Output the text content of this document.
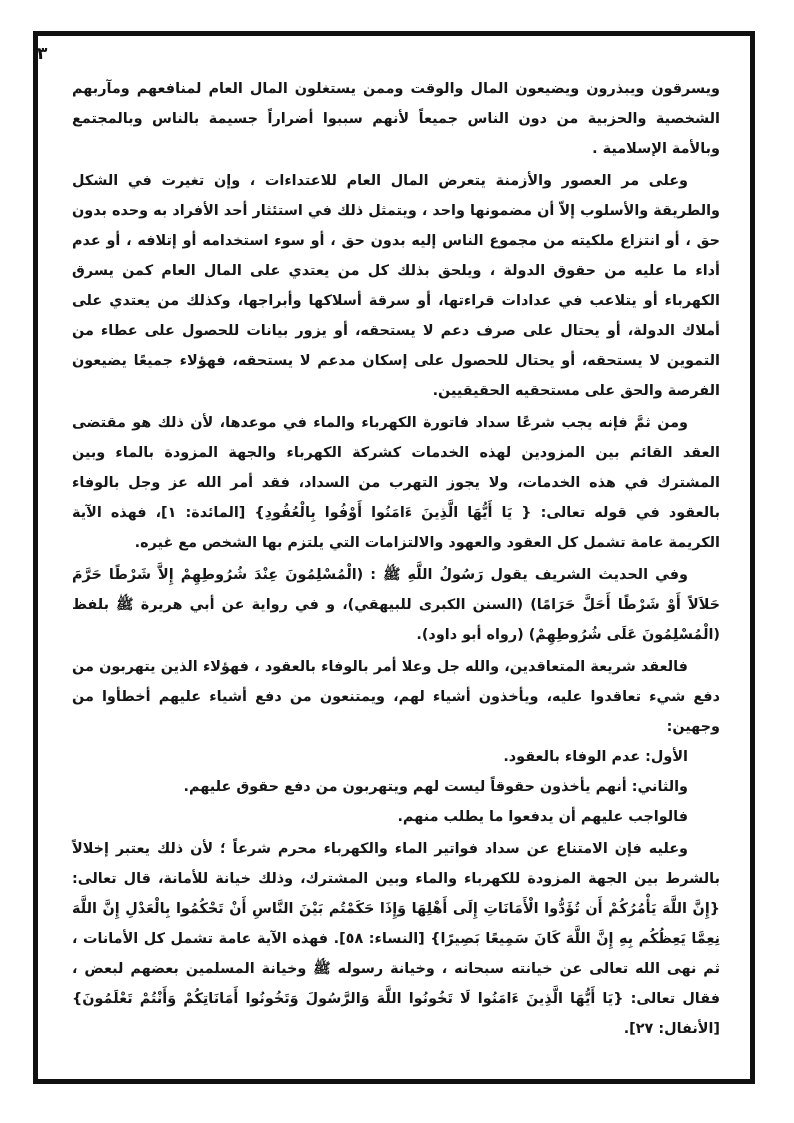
٣

ويسرقون ويبذرون ويضيعون المال والوقت وممن يستغلون المال العام لمنافعهم ومآربهم الشخصية والحزبية من دون الناس جميعاً لأنهم سببوا أضراراً جسيمة بالناس وبالمجتمع وبالأمة الإسلامية .

وعلى مر العصور والأزمنة يتعرض المال العام للاعتداءات ، وإن تغيرت في الشكل والطريقة والأسلوب إلاّ أن مضمونها واحد ، ويتمثل ذلك في استئثار أحد الأفراد به وحده بدون حق ، أو انتزاع ملكيته من مجموع الناس إليه بدون حق ، أو سوء استخدامه أو إتلافه ، أو عدم أداء ما عليه من حقوق الدولة ، ويلحق بذلك كل من يعتدي على المال العام كمن يسرق الكهرباء أو يتلاعب في عدادات قراءتها، أو سرقة أسلاكها وأبراجها، وكذلك من يعتدي على أملاك الدولة، أو يحتال على صرف دعم لا يستحقه، أو يزور بيانات للحصول على عطاء من التموين لا يستحقه، أو يحتال للحصول على إسكان مدعم لا يستحقه، فهؤلاء جميعًا يضيعون الفرصة والحق على مستحقيه الحقيقيين.

ومن ثمَّ فإنه يجب شرعًا سداد فاتورة الكهرباء والماء في موعدها، لأن ذلك هو مقتضى العقد القائم بين المزودين لهذه الخدمات كشركة الكهرباء والجهة المزودة بالماء وبين المشترك في هذه الخدمات، ولا يجوز التهرب من السداد، فقد أمر الله عز وجل بالوفاء بالعقود في قوله تعالى: { يَا أَيُّهَا الَّذِينَ ءَامَنُوا أَوْفُوا بِالْعُقُودِ} [المائدة: ١]، فهذه الآية الكريمة عامة تشمل كل العقود والعهود والالتزامات التي يلتزم بها الشخص مع غيره.

وفي الحديث الشريف يقول رَسُولُ اللَّهِ ﷺ : (الْمُسْلِمُونَ عِنْدَ شُرُوطِهِمْ إِلاَّ شَرْطًا حَرَّمَ حَلاَلاً أَوْ شَرْطًا أَحَلَّ حَرَامًا) (السنن الكبرى للبيهقي)، و في رواية عن أبي هريرة ﷺ بلفظ (الْمُسْلِمُونَ عَلَى شُرُوطِهِمْ) (رواه أبو داود).

فالعقد شريعة المتعاقدين، والله جل وعلا أمر بالوفاء بالعقود ، فهؤلاء الذين يتهربون من دفع شيء تعاقدوا عليه، ويأخذون أشياء لهم، ويمتنعون من دفع أشياء عليهم أخطأوا من وجهين:

الأول: عدم الوفاء بالعقود.

والثاني: أنهم يأخذون حقوقاً ليست لهم ويتهربون من دفع حقوق عليهم.

فالواجب عليهم أن يدفعوا ما يطلب منهم.

وعليه فإن الامتناع عن سداد فواتير الماء والكهرباء محرم شرعاً ؛ لأن ذلك يعتبر إخلالاً بالشرط بين الجهة المزودة للكهرباء والماء وبين المشترك، وذلك خيانة للأمانة، قال تعالى: {إِنَّ اللَّهَ يَأْمُرُكُمْ أَن تُؤَدُّوا الْأَمَانَاتِ إِلَى أَهْلِهَا وَإِذَا حَكَمْتُم بَيْنَ النَّاسِ أَنْ تَحْكُمُوا بِالْعَدْلِ إِنَّ اللَّهَ نِعِمَّا يَعِظُكُم بِهِ إِنَّ اللَّهَ كَانَ سَمِيعًا بَصِيرًا} [النساء: ٥٨]. فهذه الآية عامة تشمل كل الأمانات ، ثم نهى الله تعالى عن خيانته سبحانه ، وخيانة رسوله ﷺ وخيانة المسلمين بعضهم لبعض ، فقال تعالى: {يَا أَيُّهَا الَّذِينَ ءَامَنُوا لَا تَخُونُوا اللَّهَ وَالرَّسُولَ وَتَخُونُوا أَمَانَاتِكُمْ وَأَنْتُمْ تَعْلَمُونَ} [الأنفال: ٢٧].
